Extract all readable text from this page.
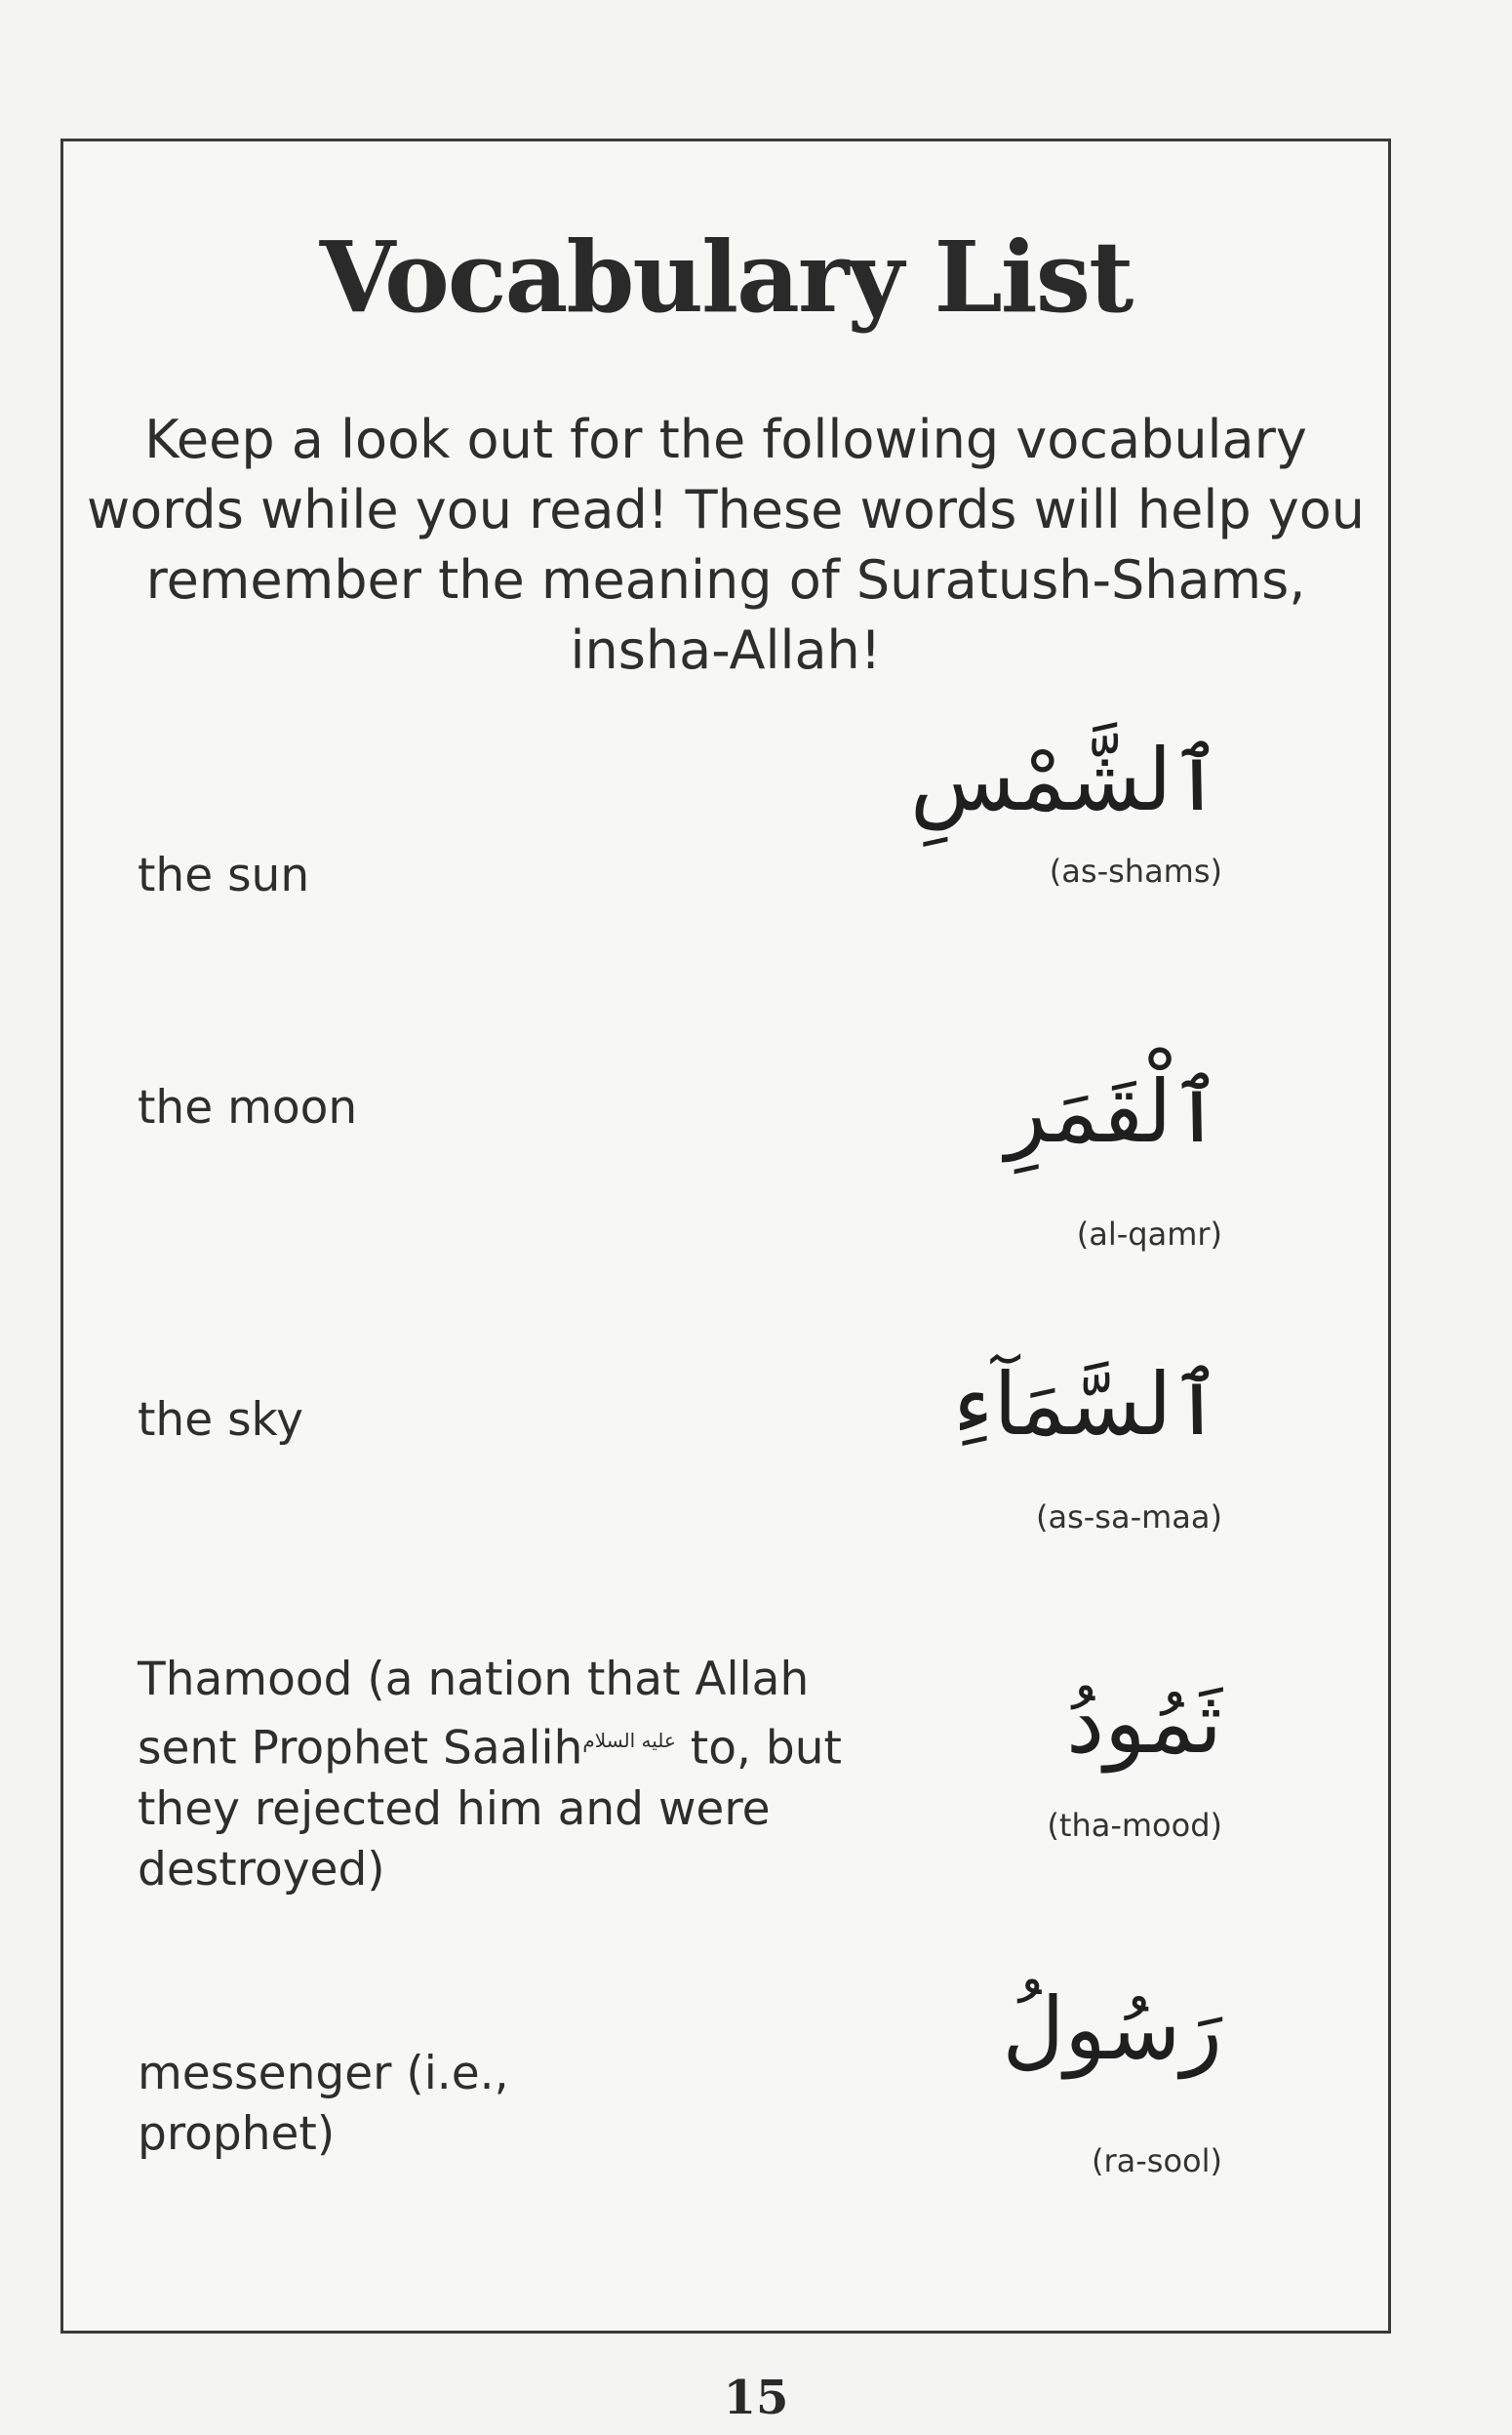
Vocabulary List

Keep a look out for the following vocabulary words while you read! These words will help you remember the meaning of Suratush-Shams, insha-Allah!

the sun

ٱلشَّمْسِ
(as-shams)

the moon	ٱلْقَمَرِ
(al-qamr)

the sky	ٱلسَّمَآءِ
(as-sa-maa)

Thamood (a nation that Allah sent Prophet Saalih$^{عليه السلام}$ to, but they rejected him and were destroyed)

ثَمُودُ
(tha-mood)

messenger (i.e., prophet)

رَسُولُ
(ra-sool)
15
